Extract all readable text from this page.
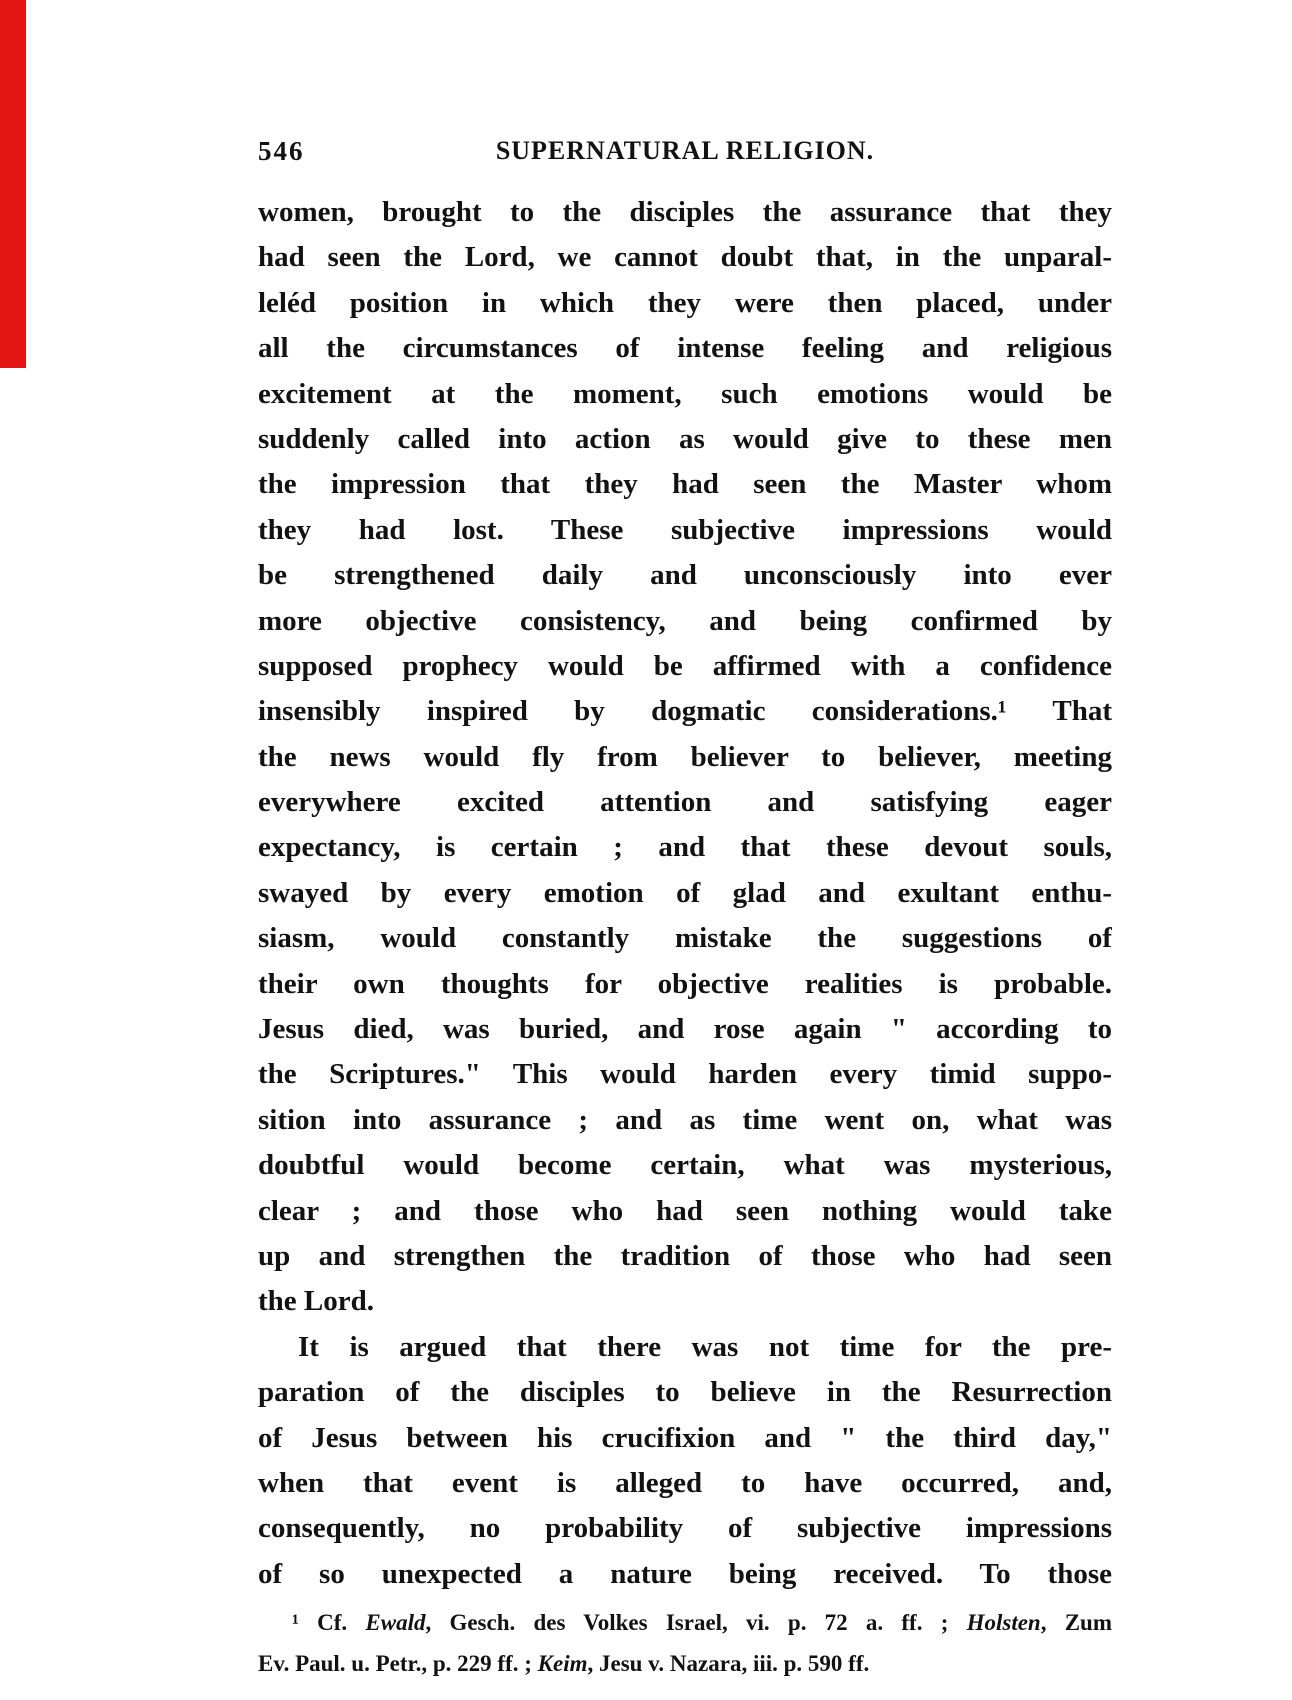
546	SUPERNATURAL RELIGION.
women, brought to the disciples the assurance that they
had seen the Lord, we cannot doubt that, in the unparal-
leléd position in which they were then placed, under
all the circumstances of intense feeling and religious
excitement at the moment, such emotions would be
suddenly called into action as would give to these men
the impression that they had seen the Master whom
they had lost. These subjective impressions would
be strengthened daily and unconsciously into ever
more objective consistency, and being confirmed by
supposed prophecy would be affirmed with a confidence
insensibly inspired by dogmatic considerations.¹ That
the news would fly from believer to believer, meeting
everywhere excited attention and satisfying eager
expectancy, is certain ; and that these devout souls,
swayed by every emotion of glad and exultant enthu-
siasm, would constantly mistake the suggestions of
their own thoughts for objective realities is probable.
Jesus died, was buried, and rose again " according to
the Scriptures." This would harden every timid suppo-
sition into assurance ; and as time went on, what was
doubtful would become certain, what was mysterious,
clear ; and those who had seen nothing would take
up and strengthen the tradition of those who had seen
the Lord.
It is argued that there was not time for the pre-
paration of the disciples to believe in the Resurrection
of Jesus between his crucifixion and " the third day,"
when that event is alleged to have occurred, and,
consequently, no probability of subjective impressions
of so unexpected a nature being received. To those
¹ Cf. Ewald, Gesch. des Volkes Israel, vi. p. 72 a. ff. ; Holsten, Zum
Ev. Paul. u. Petr., p. 229 ff. ; Keim, Jesu v. Nazara, iii. p. 590 ff.
